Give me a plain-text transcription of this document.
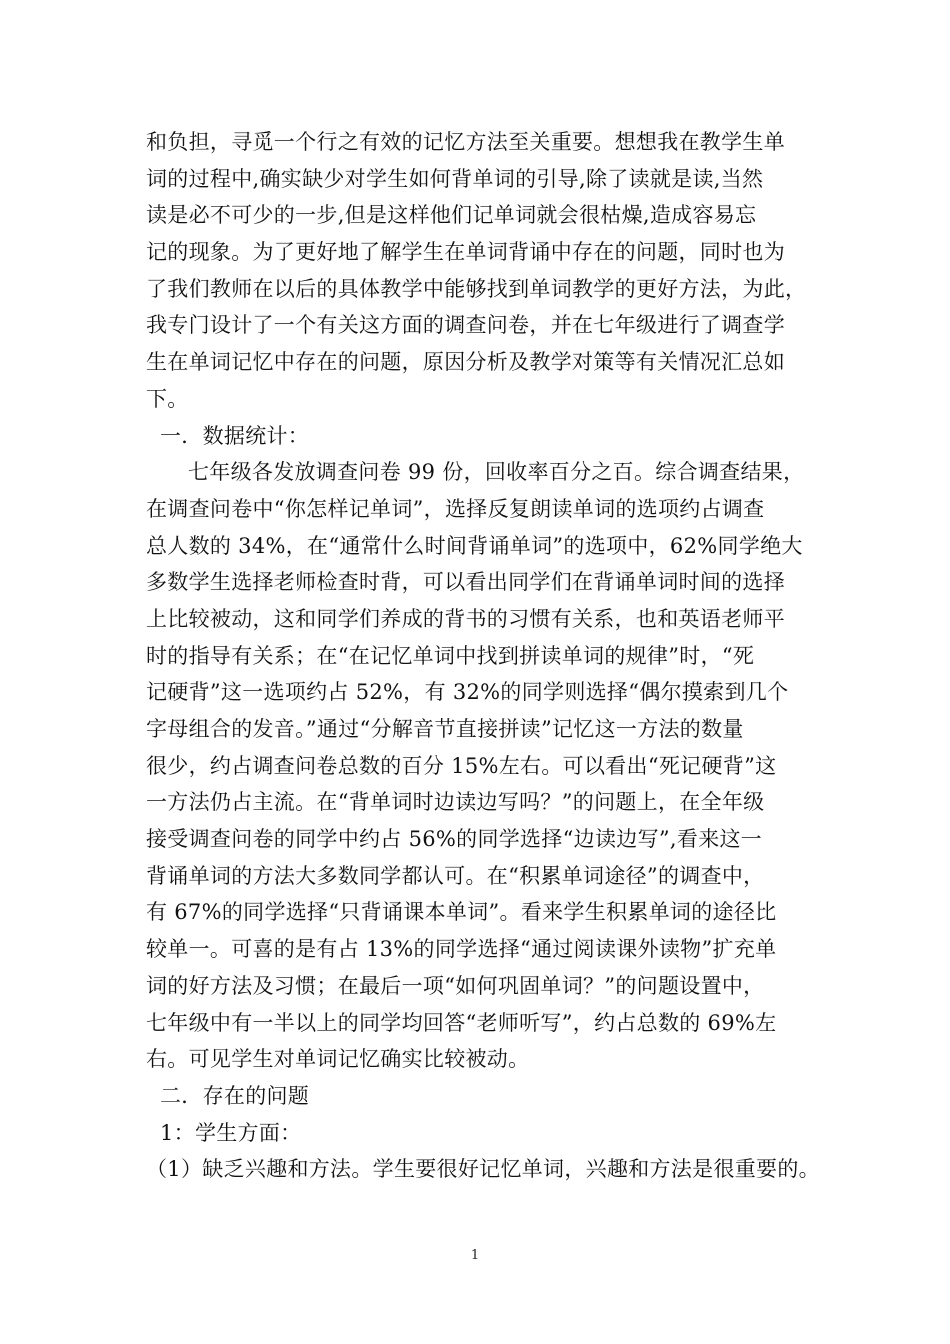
和负担，寻觅一个行之有效的记忆方法至关重要。想想我在教学生单
词的过程中,确实缺少对学生如何背单词的引导,除了读就是读,当然
读是必不可少的一步,但是这样他们记单词就会很枯燥,造成容易忘
记的现象。为了更好地了解学生在单词背诵中存在的问题，同时也为
了我们教师在以后的具体教学中能够找到单词教学的更好方法，为此，
我专门设计了一个有关这方面的调查问卷，并在七年级进行了调查学
生在单词记忆中存在的问题，原因分析及教学对策等有关情况汇总如
下。
一．数据统计：
七年级各发放调查问卷 99 份，回收率百分之百。综合调查结果，
在调查问卷中“你怎样记单词”，选择反复朗读单词的选项约占调查
总人数的 34%，在“通常什么时间背诵单词”的选项中，62%同学绝大
多数学生选择老师检查时背，可以看出同学们在背诵单词时间的选择
上比较被动，这和同学们养成的背书的习惯有关系，也和英语老师平
时的指导有关系；在“在记忆单词中找到拼读单词的规律”时，“死
记硬背”这一选项约占 52%，有 32%的同学则选择“偶尔摸索到几个
字母组合的发音。”通过“分解音节直接拼读”记忆这一方法的数量
很少，约占调查问卷总数的百分 15%左右。可以看出“死记硬背”这
一方法仍占主流。在“背单词时边读边写吗？”的问题上，在全年级
接受调查问卷的同学中约占 56%的同学选择“边读边写”,看来这一
背诵单词的方法大多数同学都认可。在“积累单词途径”的调查中，
有 67%的同学选择“只背诵课本单词”。看来学生积累单词的途径比
较单一。可喜的是有占 13%的同学选择“通过阅读课外读物”扩充单
词的好方法及习惯；在最后一项“如何巩固单词？”的问题设置中，
七年级中有一半以上的同学均回答“老师听写”，约占总数的 69%左
右。可见学生对单词记忆确实比较被动。
二．存在的问题
1：学生方面：
（1）缺乏兴趣和方法。学生要很好记忆单词，兴趣和方法是很重要的。
1
